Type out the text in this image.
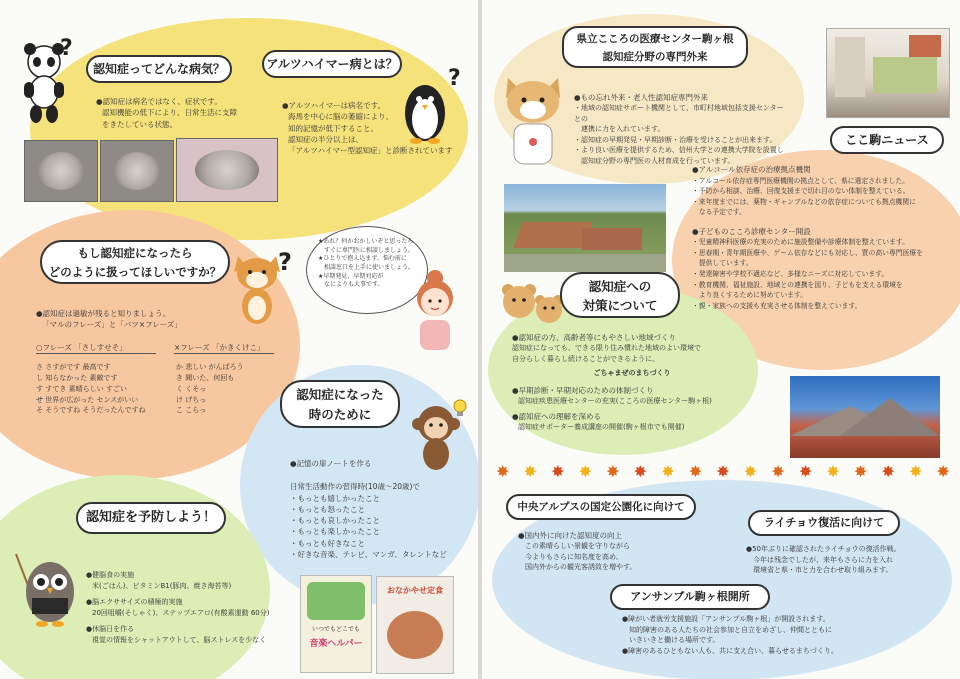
?
認知症ってどんな病気？	アルツハイマー病とは？
?

●認知症は病名ではなく、症状です。

認知機能の低下により、日常生活に支障

をきたしている状態。

●アルツハイマーは病名です。

海馬を中心に脳の萎縮により、

知的記憶が低下すること。

認知症の半分以上は、

「アルツハイマー型認知症」と診断されています

もし認知症になったら
どのように扱ってほしいですか？ ?

●認知症は過敏が残ると知りましょう。

「マルのフレーズ」と「バツ×フレーズ」

○フレーズ 「さしすせそ」	×フレーズ 「かきくけこ」

さ さすがです 最高です

し 知らなかった 素敵です

す すてき 素晴らしい すごい

せ 世界が広がった センスがいい

そ そうですね そうだったんですね

か 悲しい がんばろう

き 聞いた、何回も

く くそっ

け げちっ

こ こらっ

★あれ？何かおかしいぞと思ったら

すぐに専門医に相談しましょう。

★ひとりで抱え込まず、悩む前に

相談窓口を上手に使いましょう。

★早期発見、早期対応が

なによりも大事です。

認知症になった
時のために

●記憶の扉ノートを作る

日常生活動作の習得時(10歳～20歳)で

・もっとも嬉しかったこと

・もっとも怒ったこと

・もっとも哀しかったこと

・もっとも楽しかったこと

・もっとも好きなこと

・好きな音楽、テレビ、マンガ、タレントなど

認知症を予防しよう！

●健脳食の実施

米(ごはん)、ビタミンB1(豚肉、焼き海苔等)

●脳エクササイズの積極的実施

20回咀嚼(そしゃく)、ステップエアロ(有酸素運動 60分)

●休脳日を作る

視覚の情報をシャットアウトして、脳ストレスを少なく

いつでもどこでも
音楽ヘルパー
おなかやせ定食
県立こころの医療センター駒ヶ根
認知症分野の専門外来

●もの忘れ外来・老人性認知症専門外来

・地域の認知症サポート機関として、市町村地域包括支援センターとの

　連携に力を入れています。

・認知症の早期発見・早期診断・治療を受けることが出来ます。

・より良い医療を提供するため、信州大学との連携大学院を設置し

　認知症分野の専門医の人材育成を行っています。

ここ駒ニュース

●アルコール依存症の治療拠点機関

・アルコール依存症専門医療機関の拠点として、県に選定されました。

・予防から相談、治療、回復支援まで切れ目のない体制を整えている。

・来年度までには、薬物・ギャンブルなどの依存症についても拠点機関に

　なる予定です。

●子どものこころ診療センター開設

・児童精神科医療の充実のために施設整備や診療体制を整えています。

・思春期・青年期医療や、ゲーム依存などにも対応し、質の高い専門医療を

　提供しています。

・発達障害や学校不適応など、多様なニーズに対応しています。

・教育機関、福祉施設、地域との連携を図り、子どもを支える環境を

　より良くするために努めています。

・親・家族への支援も充実させる体制を整えています。

認知症への
対策について

●認知症の方、高齢者等にもやさしい地域づくり

認知症になっても、できる限り住み慣れた地域のよい環境で

自分らしく暮らし続けることができるように。

ごちゃまぜのまちづくり

●早期診断・早期対応のための体制づくり

認知症疾患医療センターの充実(こころの医療センター駒ヶ根)

●認知症への理解を深める

認知症サポーター養成講座の開催(駒ヶ根市でも開催)

✸ ✸ ✸ ✸ ✸ ✸ ✸ ✸ ✸ ✸ ✸ ✸ ✸ ✸ ✸ ✸ ✸
中央アルプスの国定公園化に向けて

●国内外に向けた認知度の向上

　この素晴らしい景観を守りながら

　今よりもさらに知名度を高め、

　国内外からの観光客誘致を増やす。

ライチョウ復活に向けて

●50年ぶりに確認されたライチョウの復活作戦。

　今年は残念でしたが、来年もさらに力を入れ

　環境省と県・市と力を合わせ取り組みます。

アンサンブル駒ヶ根開所

●障がい者就労支援施設「アンサンブル駒ヶ根」が開設されます。

　知的障害のある人たちの社会参加と自立をめざし、仲間とともに

　いきいきと働ける場所です。

●障害のあるひともない人も、共に支え合い、暮らせるまちづくり。
